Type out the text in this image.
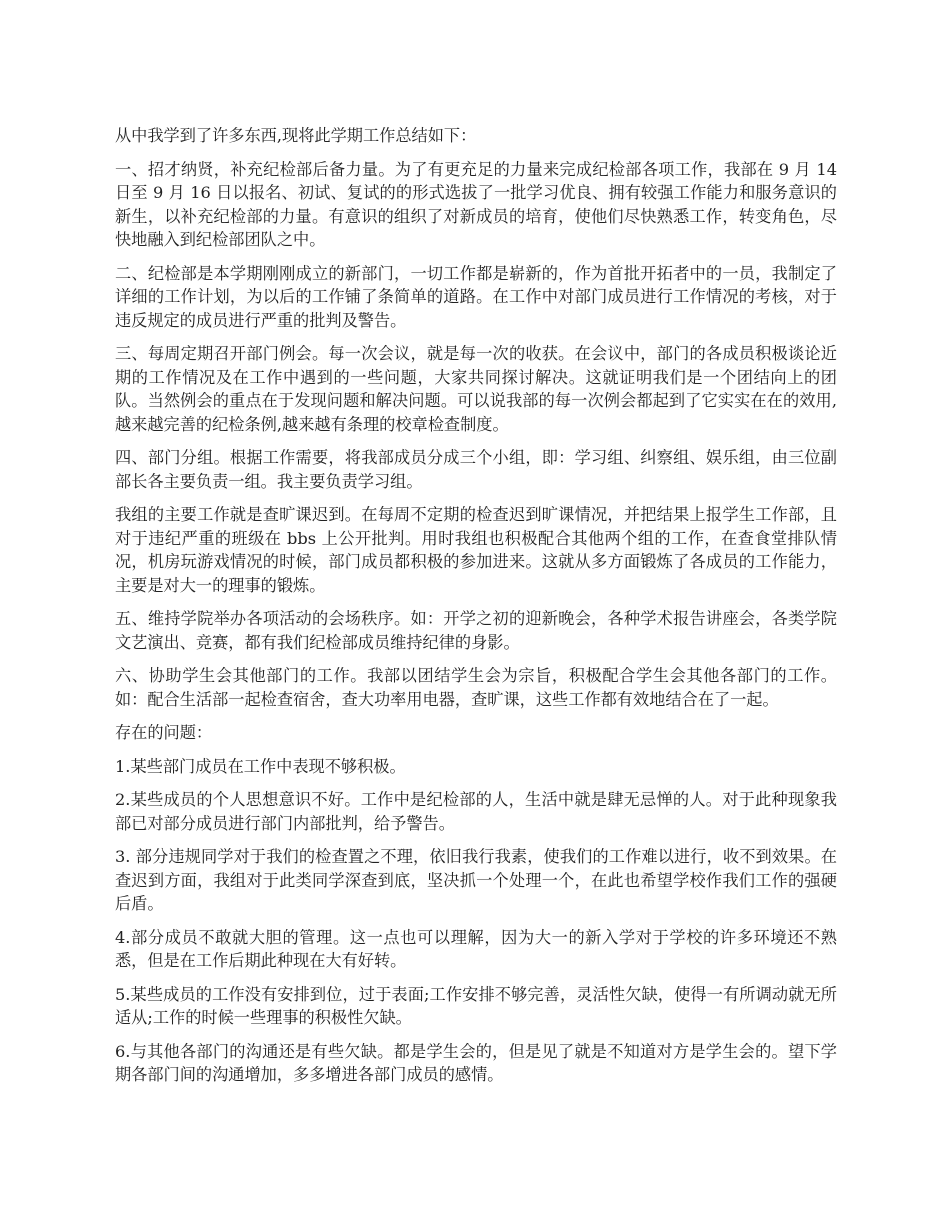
从中我学到了许多东西,现将此学期工作总结如下：

一、招才纳贤，补充纪检部后备力量。为了有更充足的力量来完成纪检部各项工作，我部在 9 月 14 日至 9 月 16 日以报名、初试、复试的的形式选拔了一批学习优良、拥有较强工作能力和服务意识的新生，以补充纪检部的力量。有意识的组织了对新成员的培育，使他们尽快熟悉工作，转变角色，尽快地融入到纪检部团队之中。

二、纪检部是本学期刚刚成立的新部门，一切工作都是崭新的，作为首批开拓者中的一员，我制定了详细的工作计划，为以后的工作铺了条简单的道路。在工作中对部门成员进行工作情况的考核，对于违反规定的成员进行严重的批判及警告。

三、每周定期召开部门例会。每一次会议，就是每一次的收获。在会议中，部门的各成员积极谈论近期的工作情况及在工作中遇到的一些问题，大家共同探讨解决。这就证明我们是一个团结向上的团队。当然例会的重点在于发现问题和解决问题。可以说我部的每一次例会都起到了它实实在在的效用,越来越完善的纪检条例,越来越有条理的校章检查制度。

四、部门分组。根据工作需要，将我部成员分成三个小组，即：学习组、纠察组、娱乐组，由三位副部长各主要负责一组。我主要负责学习组。

我组的主要工作就是查旷课迟到。在每周不定期的检查迟到旷课情况，并把结果上报学生工作部，且对于违纪严重的班级在 bbs 上公开批判。用时我组也积极配合其他两个组的工作，在查食堂排队情况，机房玩游戏情况的时候，部门成员都积极的参加进来。这就从多方面锻炼了各成员的工作能力，主要是对大一的理事的锻炼。

五、维持学院举办各项活动的会场秩序。如：开学之初的迎新晚会，各种学术报告讲座会，各类学院文艺演出、竞赛，都有我们纪检部成员维持纪律的身影。

六、协助学生会其他部门的工作。我部以团结学生会为宗旨，积极配合学生会其他各部门的工作。如：配合生活部一起检查宿舍，查大功率用电器，查旷课，这些工作都有效地结合在了一起。

存在的问题：

1.某些部门成员在工作中表现不够积极。

2.某些成员的个人思想意识不好。工作中是纪检部的人，生活中就是肆无忌惮的人。对于此种现象我部已对部分成员进行部门内部批判，给予警告。

3. 部分违规同学对于我们的检查置之不理，依旧我行我素，使我们的工作难以进行，收不到效果。在查迟到方面，我组对于此类同学深查到底，坚决抓一个处理一个，在此也希望学校作我们工作的强硬后盾。

4.部分成员不敢就大胆的管理。这一点也可以理解，因为大一的新入学对于学校的许多环境还不熟悉，但是在工作后期此种现在大有好转。

5.某些成员的工作没有安排到位，过于表面;工作安排不够完善，灵活性欠缺，使得一有所调动就无所适从;工作的时候一些理事的积极性欠缺。

6.与其他各部门的沟通还是有些欠缺。都是学生会的，但是见了就是不知道对方是学生会的。望下学期各部门间的沟通增加，多多增进各部门成员的感情。
